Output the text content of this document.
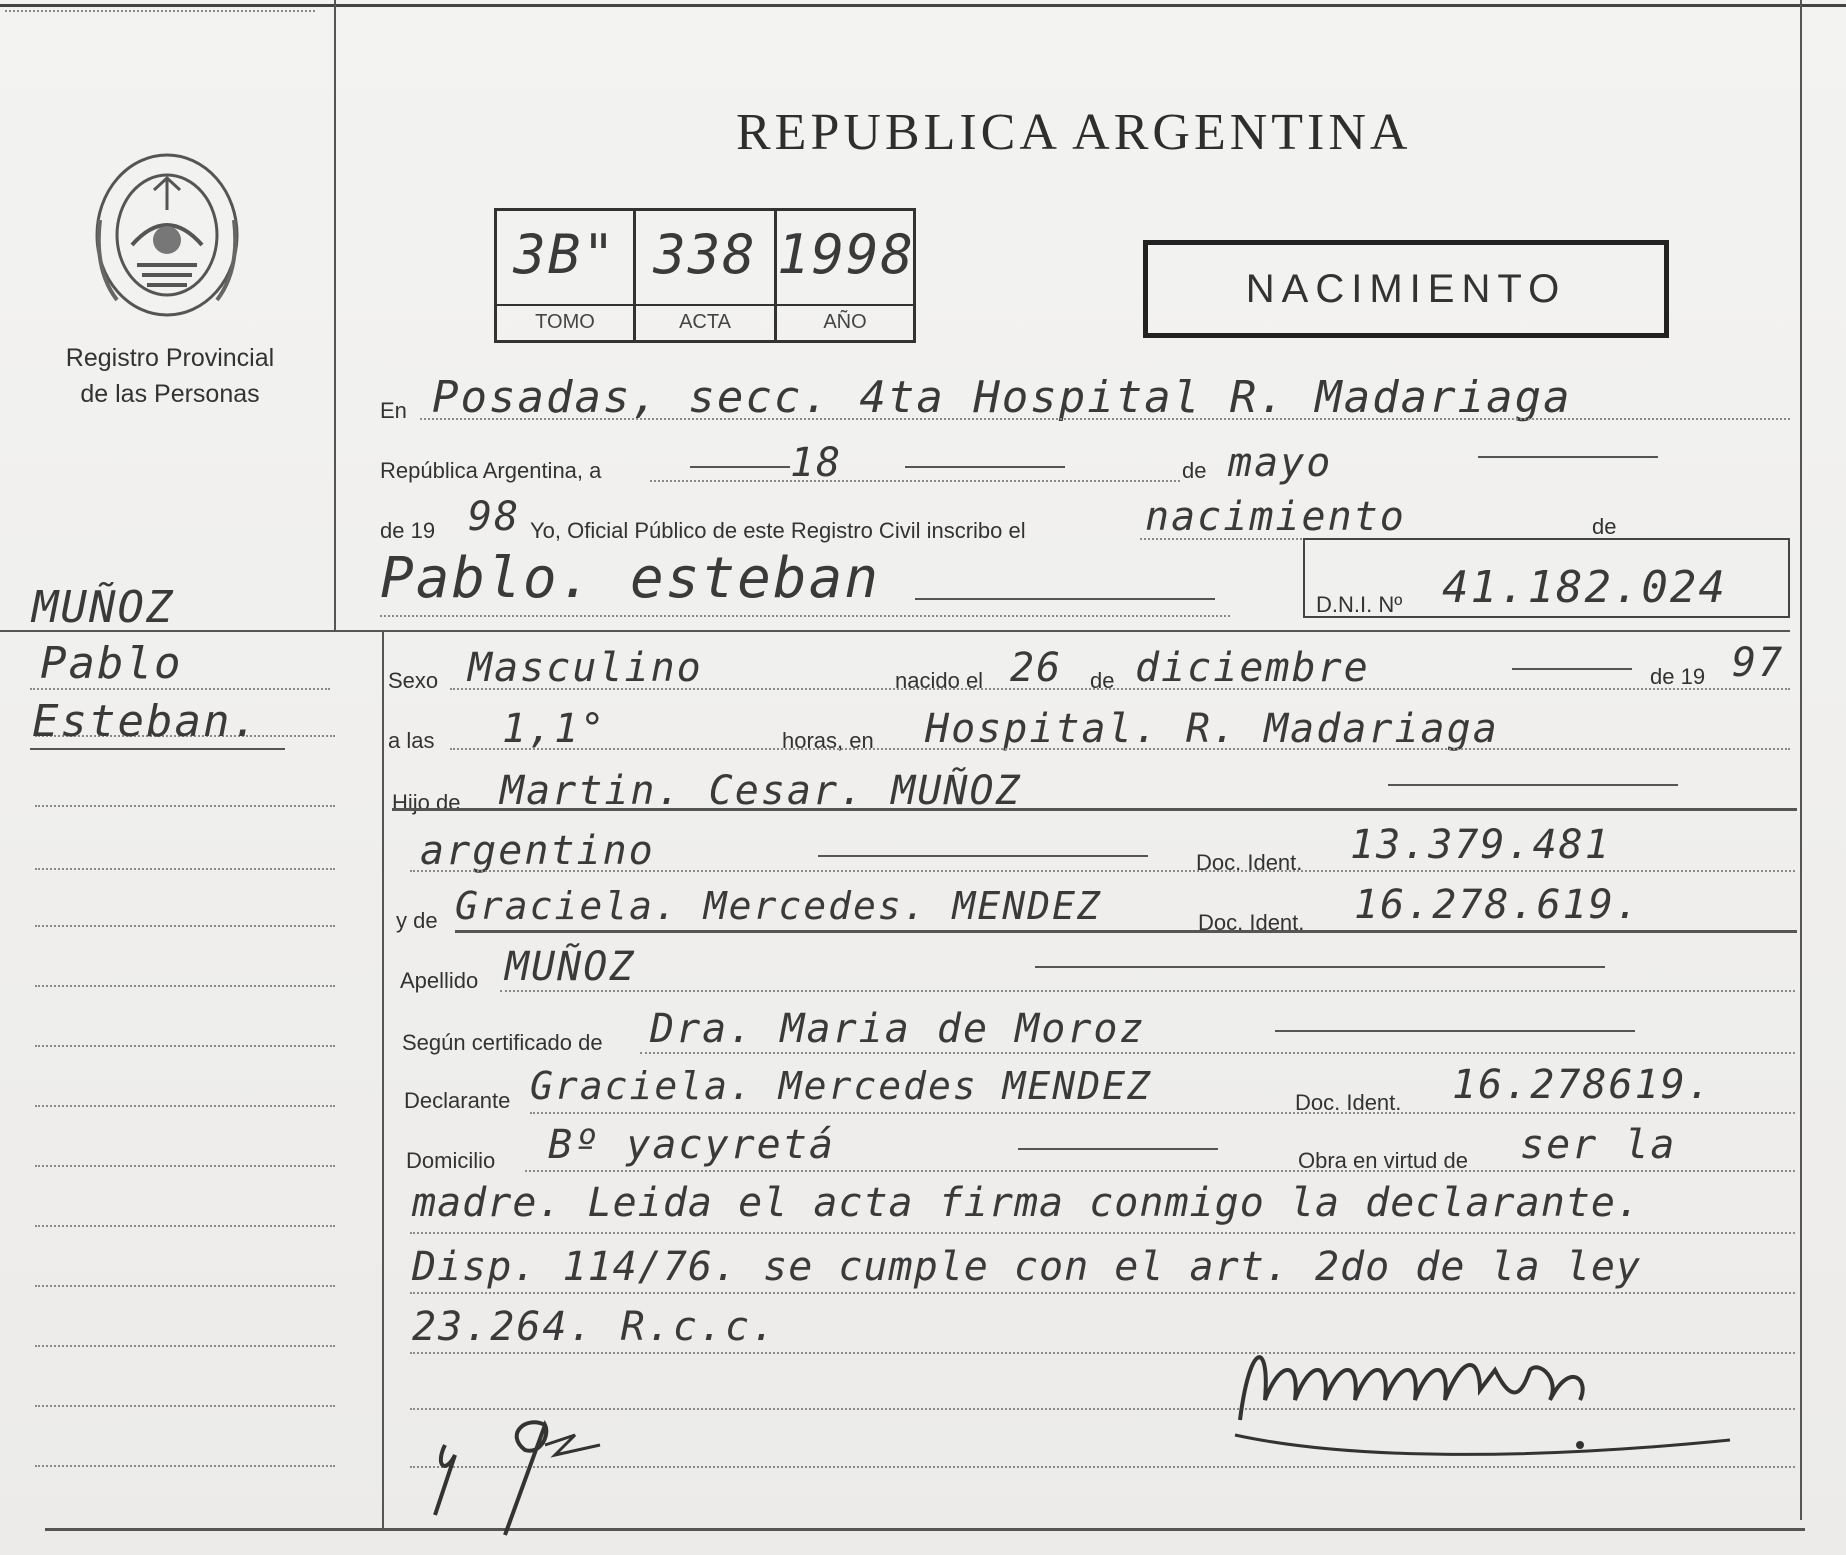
Registro Provincial
de las Personas
MUÑOZ
Pablo
Esteban.
REPUBLICA ARGENTINA
3B"
TOMO
338
ACTA
1998
AÑO
NACIMIENTO
En Posadas, secc. 4ta Hospital R. Madariaga
República Argentina, a	18	de mayo
de 19 98 Yo, Oficial Público de este Registro Civil inscribo el	nacimiento	de
Pablo. esteban	D.N.I. Nº 41.182.024
Sexo Masculino	nacido el 26 de diciembre	de 19 97
a las 1,1°	horas, en Hospital. R. Madariaga
Hijo de Martin. Cesar. MUÑOZ
argentino	Doc. Ident. 13.379.481
y de Graciela. Mercedes. MENDEZ	Doc. Ident. 16.278.619.
Apellido MUÑOZ
Según certificado de Dra. Maria de Moroz
Declarante Graciela. Mercedes MENDEZ	Doc. Ident. 16.278619.
Domicilio Bº yacyretá	Obra en virtud de ser la
madre. Leida el acta firma conmigo la declarante.
Disp. 114/76. se cumple con el art. 2do de la ley
23.264. R.c.c.
